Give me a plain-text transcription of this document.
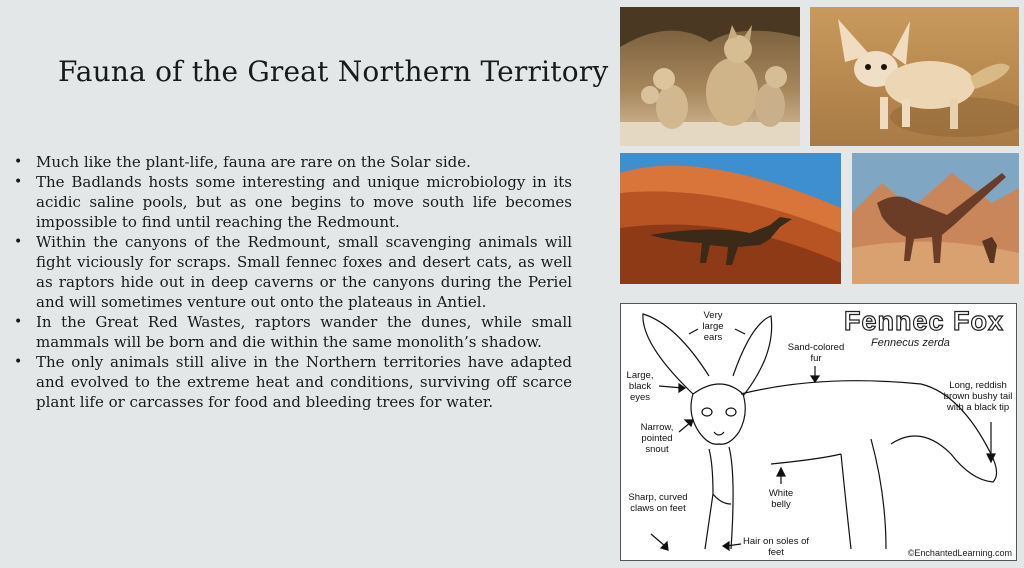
Fauna of the Great Northern Territory
• Much like the plant-life, fauna are rare on the Solar side.
• The Badlands hosts some interesting and unique microbiology in its acidic saline pools, but as one begins to move south life becomes impossible to find until reaching the Redmount.
• Within the canyons of the Redmount, small scavenging animals will fight viciously for scraps. Small fennec foxes and desert cats, as well as raptors hide out in deep caverns or the canyons during the Periel and will sometimes venture out onto the plateaus in Antiel.
• In the Great Red Wastes, raptors wander the dunes, while small mammals will be born and die within the same monolith’s shadow.
• The only animals still alive in the Northern territories have adapted and evolved to the extreme heat and conditions, surviving off scarce plant life or carcasses for food and bleeding trees for water.
Fennec Fox
Fennecus zerda
Very large ears
Sand-colored fur
Large, black eyes
Long, reddish brown bushy tail with a black tip
Narrow, pointed snout
White belly
Sharp, curved claws on feet
Hair on soles of feet	©EnchantedLearning.com
